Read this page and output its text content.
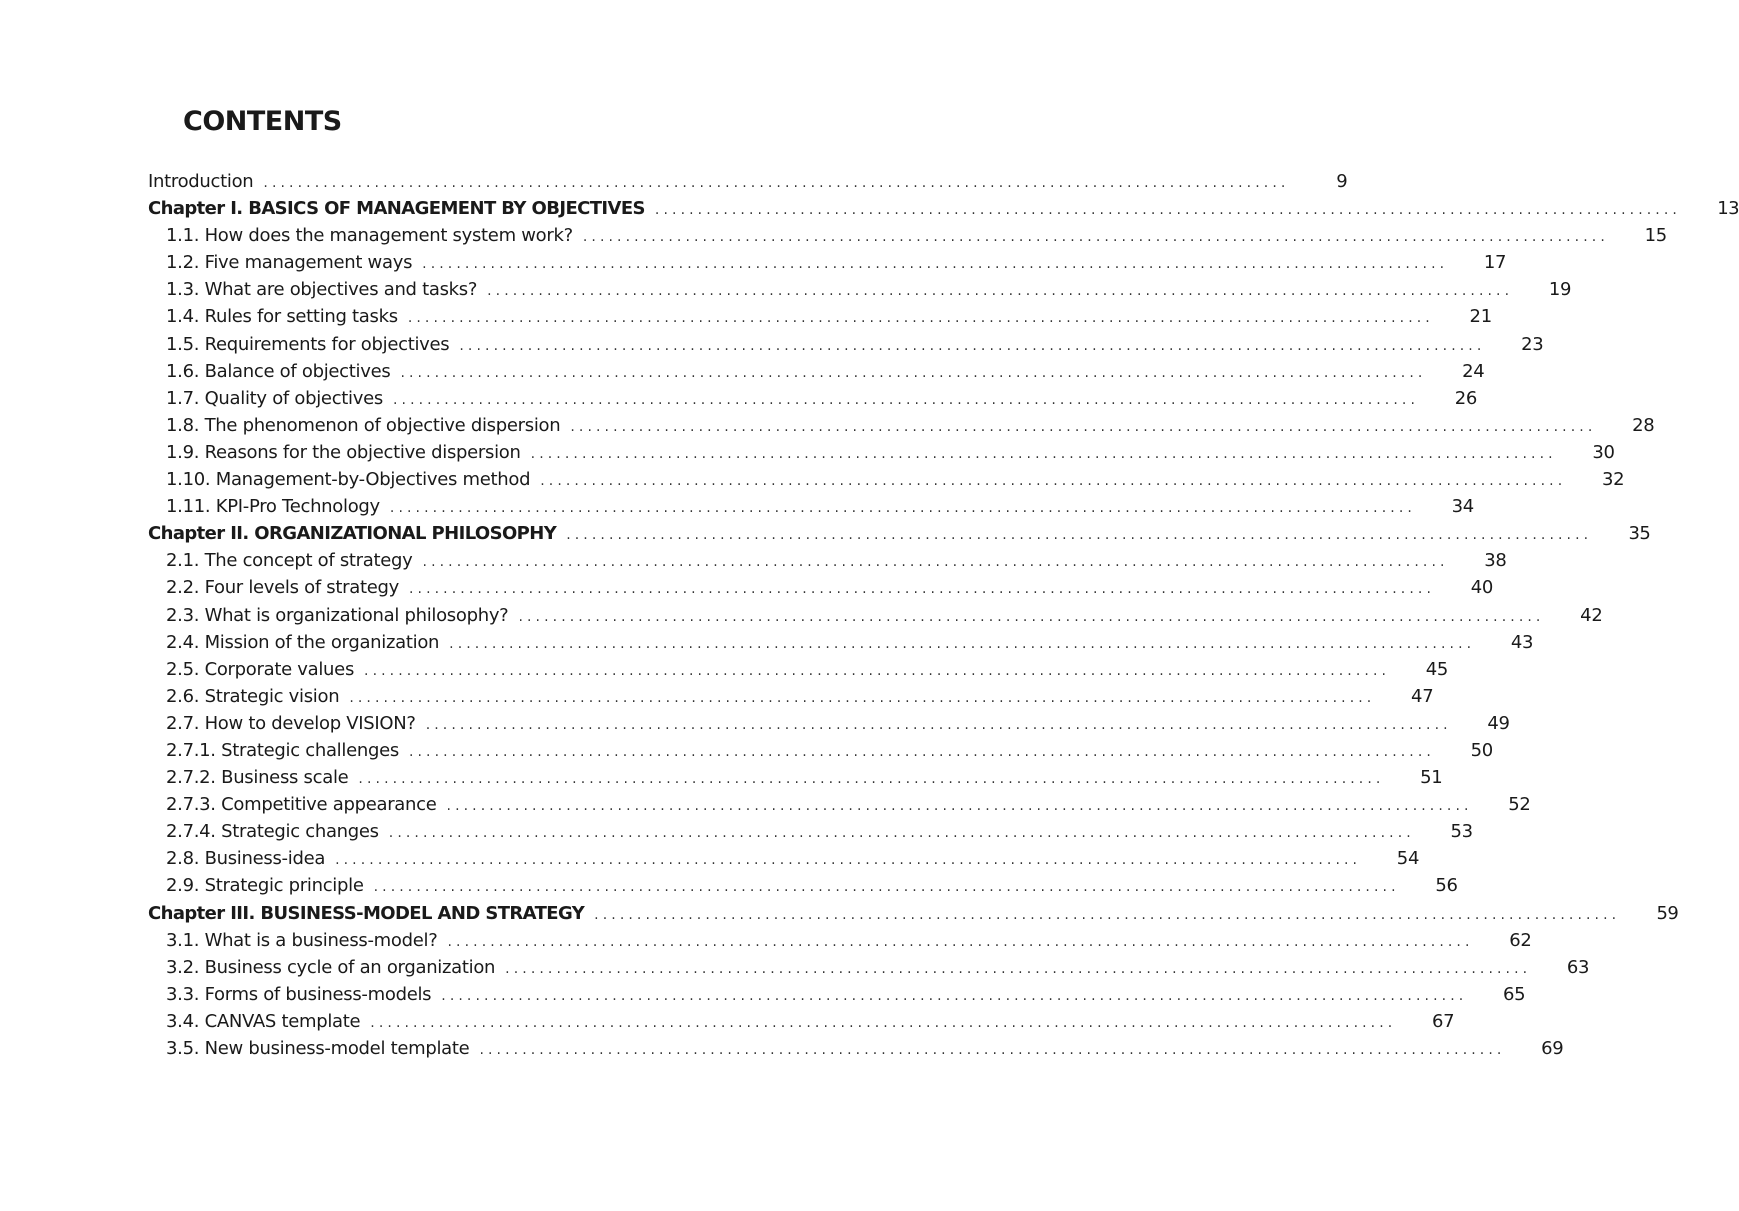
CONTENTS
Introduction ........................................................................................................................	9
Chapter I. BASICS OF MANAGEMENT BY OBJECTIVES ........................................................................................................................	13
1.1. How does the management system work? ........................................................................................................................	15
1.2. Five management ways ........................................................................................................................	17
1.3. What are objectives and tasks? ........................................................................................................................	19
1.4. Rules for setting tasks ........................................................................................................................	21
1.5. Requirements for objectives ........................................................................................................................	23
1.6. Balance of objectives ........................................................................................................................	24
1.7. Quality of objectives ........................................................................................................................	26
1.8. The phenomenon of objective dispersion ........................................................................................................................	28
1.9. Reasons for the objective dispersion ........................................................................................................................	30
1.10. Management-by-Objectives method ........................................................................................................................	32
1.11. KPI-Pro Technology ........................................................................................................................	34
Chapter II. ORGANIZATIONAL PHILOSOPHY ........................................................................................................................	35
2.1. The concept of strategy ........................................................................................................................	38
2.2. Four levels of strategy ........................................................................................................................	40
2.3. What is organizational philosophy? ........................................................................................................................	42
2.4. Mission of the organization ........................................................................................................................	43
2.5. Corporate values ........................................................................................................................	45
2.6. Strategic vision ........................................................................................................................	47
2.7. How to develop VISION? ........................................................................................................................	49
2.7.1. Strategic challenges ........................................................................................................................	50
2.7.2. Business scale ........................................................................................................................	51
2.7.3. Competitive appearance ........................................................................................................................	52
2.7.4. Strategic changes ........................................................................................................................	53
2.8. Business-idea ........................................................................................................................	54
2.9. Strategic principle ........................................................................................................................	56
Chapter III. BUSINESS-MODEL AND STRATEGY ........................................................................................................................	59
3.1. What is a business-model? ........................................................................................................................	62
3.2. Business cycle of an organization ........................................................................................................................	63
3.3. Forms of business-models ........................................................................................................................	65
3.4. CANVAS template ........................................................................................................................	67
3.5. New business-model template ........................................................................................................................	69
